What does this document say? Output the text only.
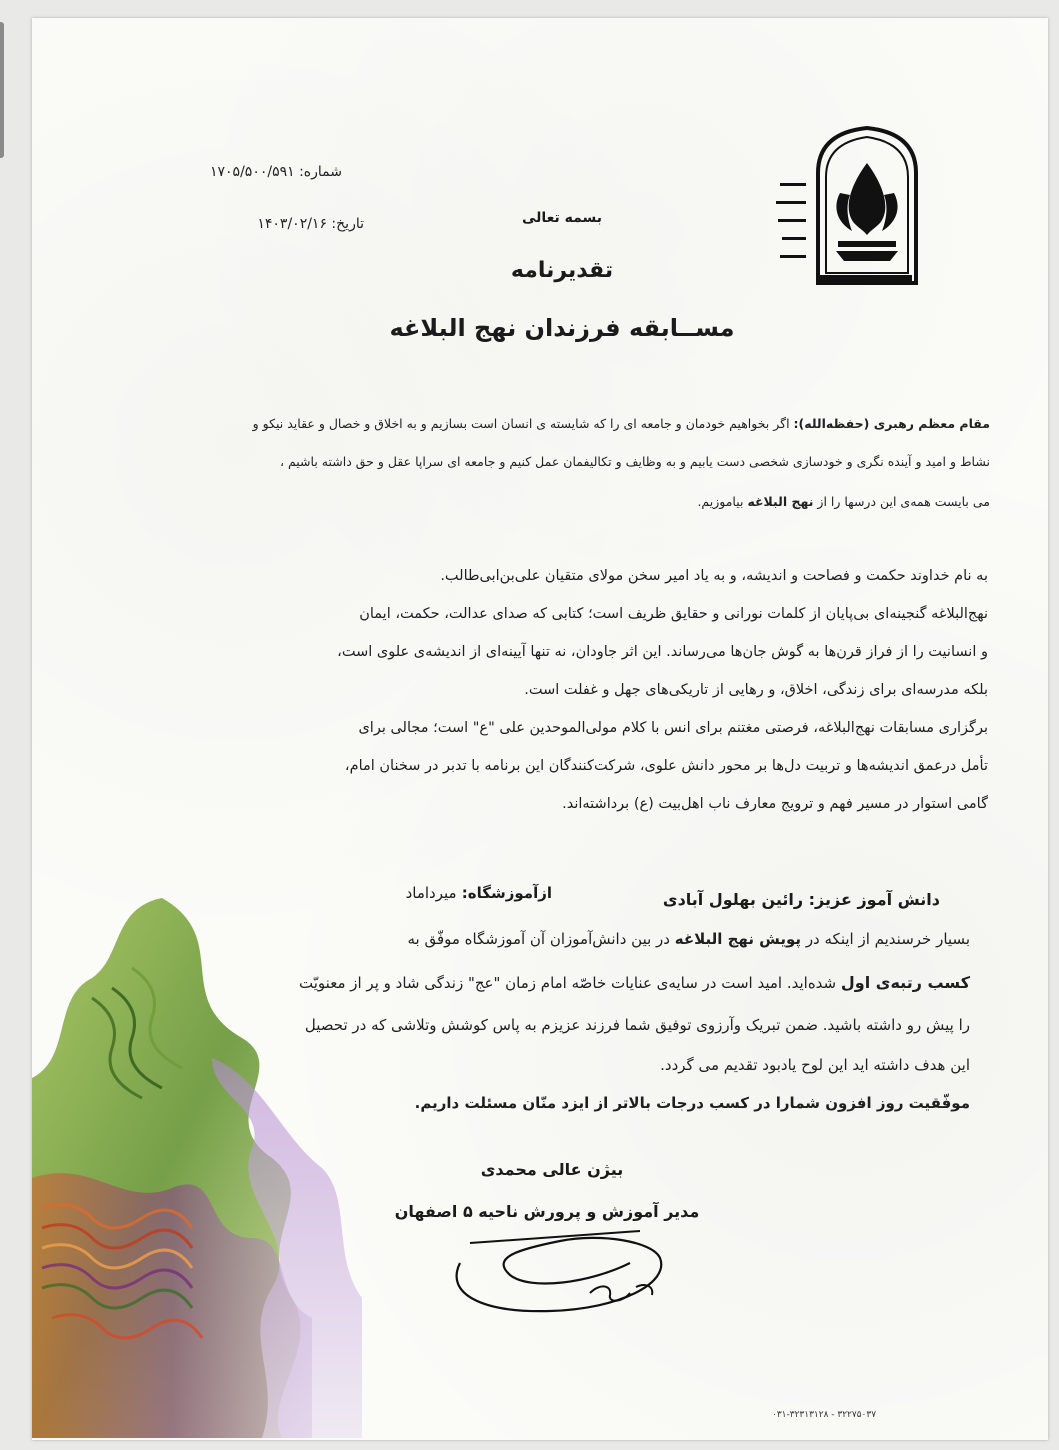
شماره: ۱۷۰۵/۵۰۰/۵۹۱
تاریخ: ۱۴۰۳/۰۲/۱۶	بسمه تعالی
تقدیرنامه
مســابقه فرزندان نهج البلاغه
مقام معظم رهبری (حفظه‌الله): اگر بخواهیم خودمان و جامعه ای را که شایسته ی انسان است بسازیم و به اخلاق و خصال و عقاید نیکو و
نشاط و امید و آینده نگری و خودسازی شخصی دست یابیم و به وظایف و تکالیفمان عمل کنیم و جامعه ای سراپا عقل و حق داشته باشیم ،
می بایست همه‌ی این درسها را از نهج البلاغه بیاموزیم.
به نام خداوند حکمت و فصاحت و اندیشه، و به یاد امیر سخن مولای متقیان علی‌بن‌ابی‌طالب.
نهج‌البلاغه گنجینه‌ای بی‌پایان از کلمات نورانی و حقایق ظریف است؛ کتابی که صدای عدالت، حکمت، ایمان
و انسانیت را از فراز قرن‌ها به گوش جان‌ها می‌رساند. این اثر جاودان، نه تنها آیینه‌ای از اندیشه‌ی علوی است،
بلکه مدرسه‌ای برای زندگی، اخلاق، و رهایی از تاریکی‌های جهل و غفلت است.
برگزاری مسابقات نهج‌البلاغه، فرصتی مغتنم برای انس با کلام مولی‌الموحدین علی "ع" است؛ مجالی برای
تأمل درعمق اندیشه‌ها و تربیت دل‌ها بر محور دانش علوی، شرکت‌کنندگان این برنامه با تدبر در سخنان امام،
گامی استوار در مسیر فهم و ترویج معارف ناب اهل‌بیت (ع) برداشته‌اند.
دانش آموز عزیز: رائین بهلول آبادی
ازآموزشگاه: میرداماد
بسیار خرسندیم از اینکه در پویش نهج البلاغه در بین دانش‌آموزان آن آموزشگاه موفّق به
کسب رتبه‌ی اول شده‌اید. امید است در سایه‌ی عنایات خاصّه امام زمان "عج" زندگی شاد و پر از معنویّت
را پیش رو داشته باشید. ضمن تبریک وآرزوی توفیق شما فرزند عزیزم به پاس کوشش وتلاشی که در تحصیل
این هدف داشته اید این لوح یادبود تقدیم می گردد.
موفّقیت روز افزون شمارا در کسب درجات بالاتر از ایزد منّان مسئلت داریم.
بیژن عالی محمدی
عالی
مدیر آموزش و پرورش ناحیه ۵ اصفهان
۰۳۱-۳۲۳۱۳۱۲۸ - ۳۲۲۷۵۰۳۷
